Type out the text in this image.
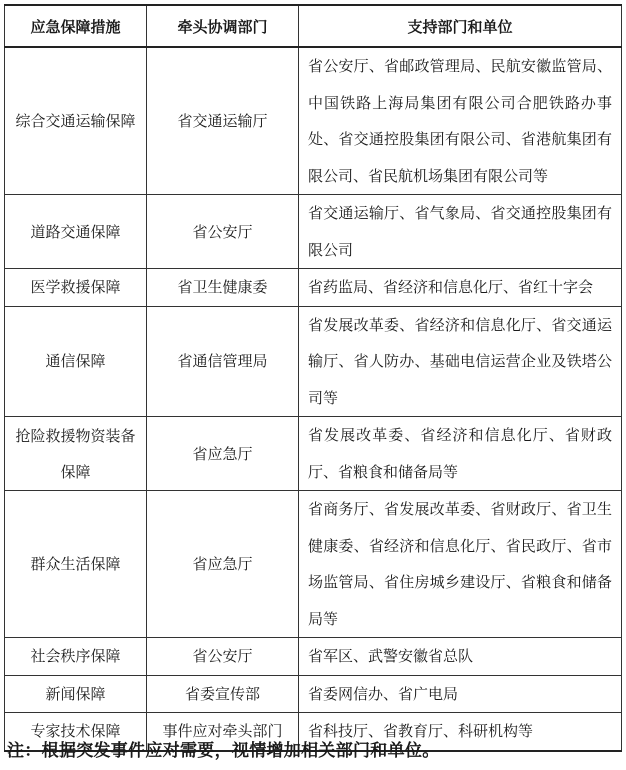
应急保障措施	牵头协调部门	支持部门和单位
综合交通运输保障	省交通运输厅	省公安厅、省邮政管理局、民航安徽监管局、中国铁路上海局集团有限公司合肥铁路办事处、省交通控股集团有限公司、省港航集团有限公司、省民航机场集团有限公司等
道路交通保障	省公安厅	省交通运输厅、省气象局、省交通控股集团有限公司
医学救援保障	省卫生健康委	省药监局、省经济和信息化厅、省红十字会
通信保障	省通信管理局	省发展改革委、省经济和信息化厅、省交通运输厅、省人防办、基础电信运营企业及铁塔公司等
抢险救援物资装备保障	省应急厅	省发展改革委、省经济和信息化厅、省财政厅、省粮食和储备局等
群众生活保障	省应急厅	省商务厅、省发展改革委、省财政厅、省卫生健康委、省经济和信息化厅、省民政厅、省市场监管局、省住房城乡建设厅、省粮食和储备局等
社会秩序保障	省公安厅	省军区、武警安徽省总队
新闻保障	省委宣传部	省委网信办、省广电局
专家技术保障	事件应对牵头部门	省科技厅、省教育厅、科研机构等
注：根据突发事件应对需要，视情增加相关部门和单位。
